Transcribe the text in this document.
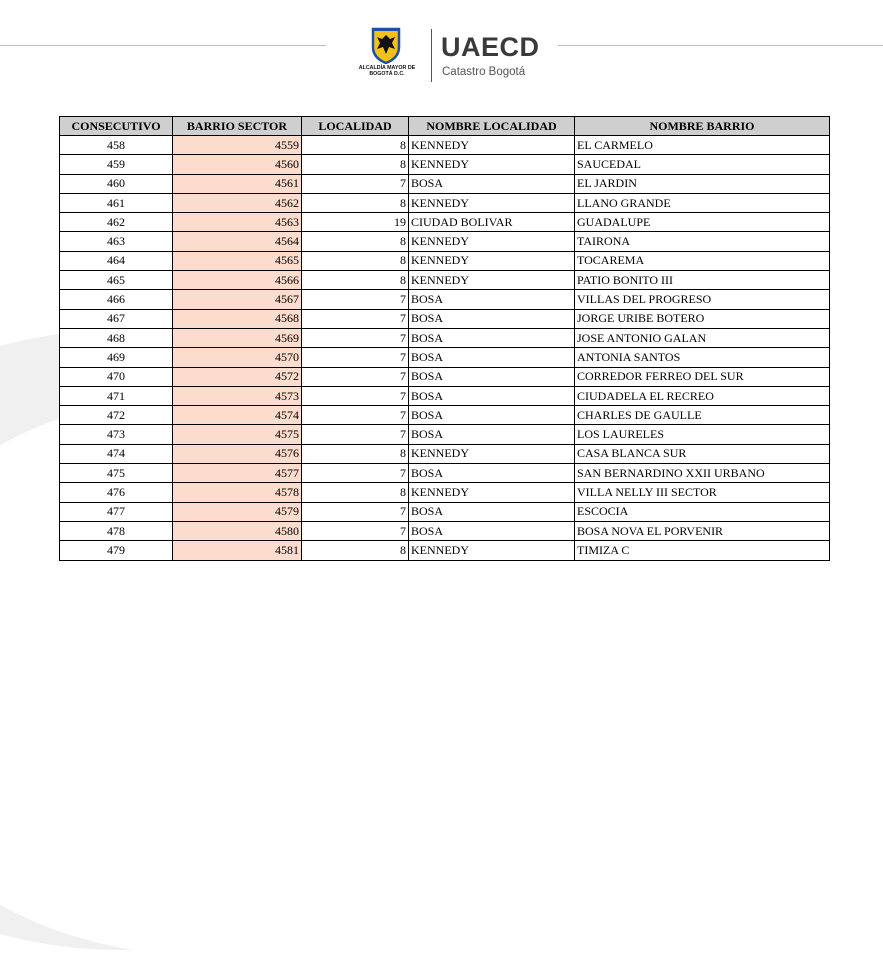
ALCALDÍA MAYOR DE BOGOTÁ D.C.
UAECD
Catastro Bogotá
CONSECUTIVO	BARRIO SECTOR	LOCALIDAD	NOMBRE LOCALIDAD	NOMBRE BARRIO
458	4559	8	KENNEDY	EL CARMELO
459	4560	8	KENNEDY	SAUCEDAL
460	4561	7	BOSA	EL JARDIN
461	4562	8	KENNEDY	LLANO GRANDE
462	4563	19	CIUDAD BOLIVAR	GUADALUPE
463	4564	8	KENNEDY	TAIRONA
464	4565	8	KENNEDY	TOCAREMA
465	4566	8	KENNEDY	PATIO BONITO III
466	4567	7	BOSA	VILLAS DEL PROGRESO
467	4568	7	BOSA	JORGE URIBE BOTERO
468	4569	7	BOSA	JOSE ANTONIO GALAN
469	4570	7	BOSA	ANTONIA SANTOS
470	4572	7	BOSA	CORREDOR FERREO DEL SUR
471	4573	7	BOSA	CIUDADELA EL RECREO
472	4574	7	BOSA	CHARLES DE GAULLE
473	4575	7	BOSA	LOS LAURELES
474	4576	8	KENNEDY	CASA BLANCA SUR
475	4577	7	BOSA	SAN BERNARDINO XXII URBANO
476	4578	8	KENNEDY	VILLA NELLY III SECTOR
477	4579	7	BOSA	ESCOCIA
478	4580	7	BOSA	BOSA NOVA EL PORVENIR
479	4581	8	KENNEDY	TIMIZA C
